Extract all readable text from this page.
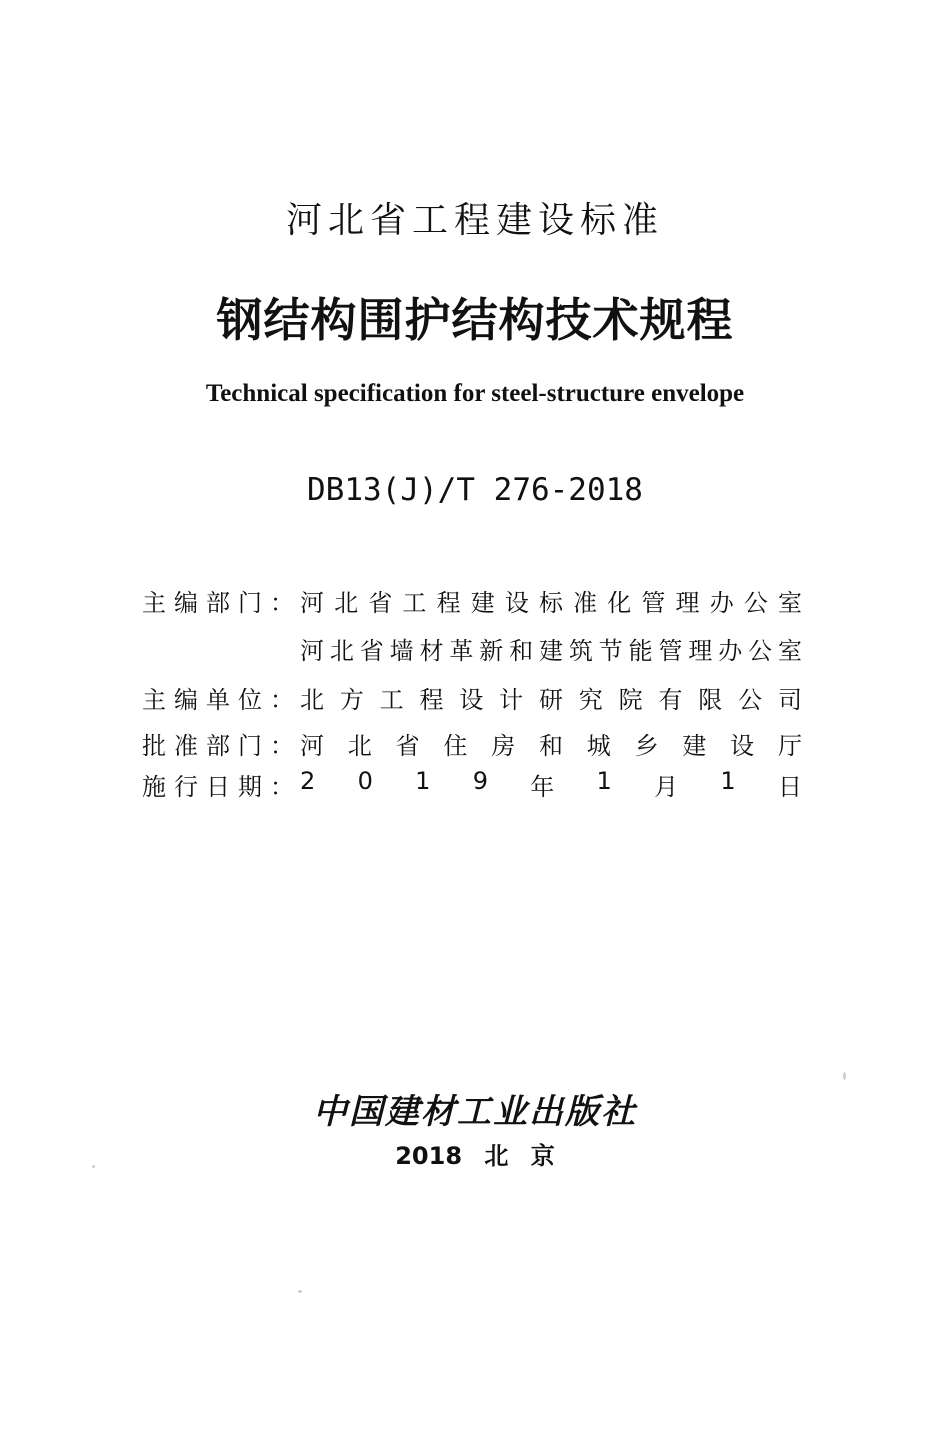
河北省工程建设标准
钢结构围护结构技术规程
Technical specification for steel-structure envelope
DB13(J)/T 276-2018
主编部门：
河 北 省 工 程 建 设 标 准 化 管 理 办 公 室
河 北 省 墙 材 革 新 和 建 筑 节 能 管 理 办 公 室
主编单位：
北 方 工 程 设 计 研 究 院 有 限 公 司
批准部门：
河 北 省 住 房 和 城 乡 建 设 厅
施行日期：
2 0 1 9 年 1 月 1 日
中国建材工业出版社
2018 北 京
